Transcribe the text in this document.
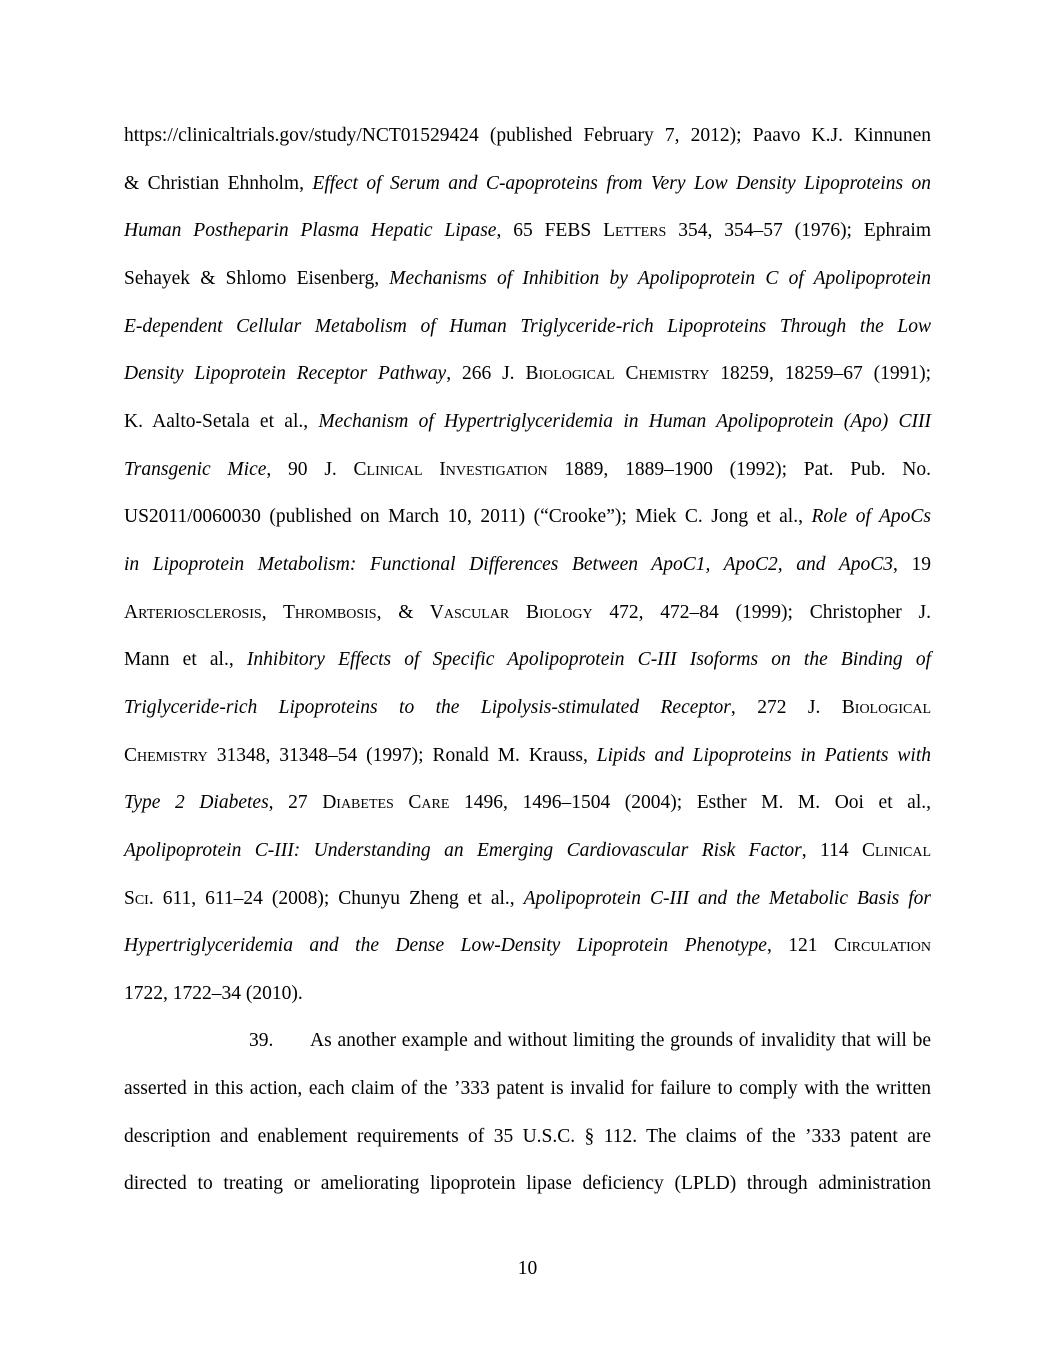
https://clinicaltrials.gov/study/NCT01529424 (published February 7, 2012); Paavo K.J. Kinnunen
& Christian Ehnholm, Effect of Serum and C-apoproteins from Very Low Density Lipoproteins on
Human Postheparin Plasma Hepatic Lipase, 65 FEBS Letters 354, 354–57 (1976); Ephraim
Sehayek & Shlomo Eisenberg, Mechanisms of Inhibition by Apolipoprotein C of Apolipoprotein
E-dependent Cellular Metabolism of Human Triglyceride-rich Lipoproteins Through the Low
Density Lipoprotein Receptor Pathway, 266 J. Biological Chemistry 18259, 18259–67 (1991);
K. Aalto-Setala et al., Mechanism of Hypertriglyceridemia in Human Apolipoprotein (Apo) CIII
Transgenic Mice, 90 J. Clinical Investigation 1889, 1889–1900 (1992); Pat. Pub. No.
US2011/0060030 (published on March 10, 2011) (“Crooke”); Miek C. Jong et al., Role of ApoCs
in Lipoprotein Metabolism: Functional Differences Between ApoC1, ApoC2, and ApoC3, 19
Arteriosclerosis, Thrombosis, & Vascular Biology 472, 472–84 (1999); Christopher J.
Mann et al., Inhibitory Effects of Specific Apolipoprotein C-III Isoforms on the Binding of
Triglyceride-rich Lipoproteins to the Lipolysis-stimulated Receptor, 272 J. Biological
Chemistry 31348, 31348–54 (1997); Ronald M. Krauss, Lipids and Lipoproteins in Patients with
Type 2 Diabetes, 27 Diabetes Care 1496, 1496–1504 (2004); Esther M. M. Ooi et al.,
Apolipoprotein C-III: Understanding an Emerging Cardiovascular Risk Factor, 114 Clinical
Sci. 611, 611–24 (2008); Chunyu Zheng et al., Apolipoprotein C-III and the Metabolic Basis for
Hypertriglyceridemia and the Dense Low-Density Lipoprotein Phenotype, 121 Circulation
1722, 1722–34 (2010).
39. As another example and without limiting the grounds of invalidity that will be
asserted in this action, each claim of the ’333 patent is invalid for failure to comply with the written
description and enablement requirements of 35 U.S.C. § 112. The claims of the ’333 patent are
directed to treating or ameliorating lipoprotein lipase deficiency (LPLD) through administration
10
